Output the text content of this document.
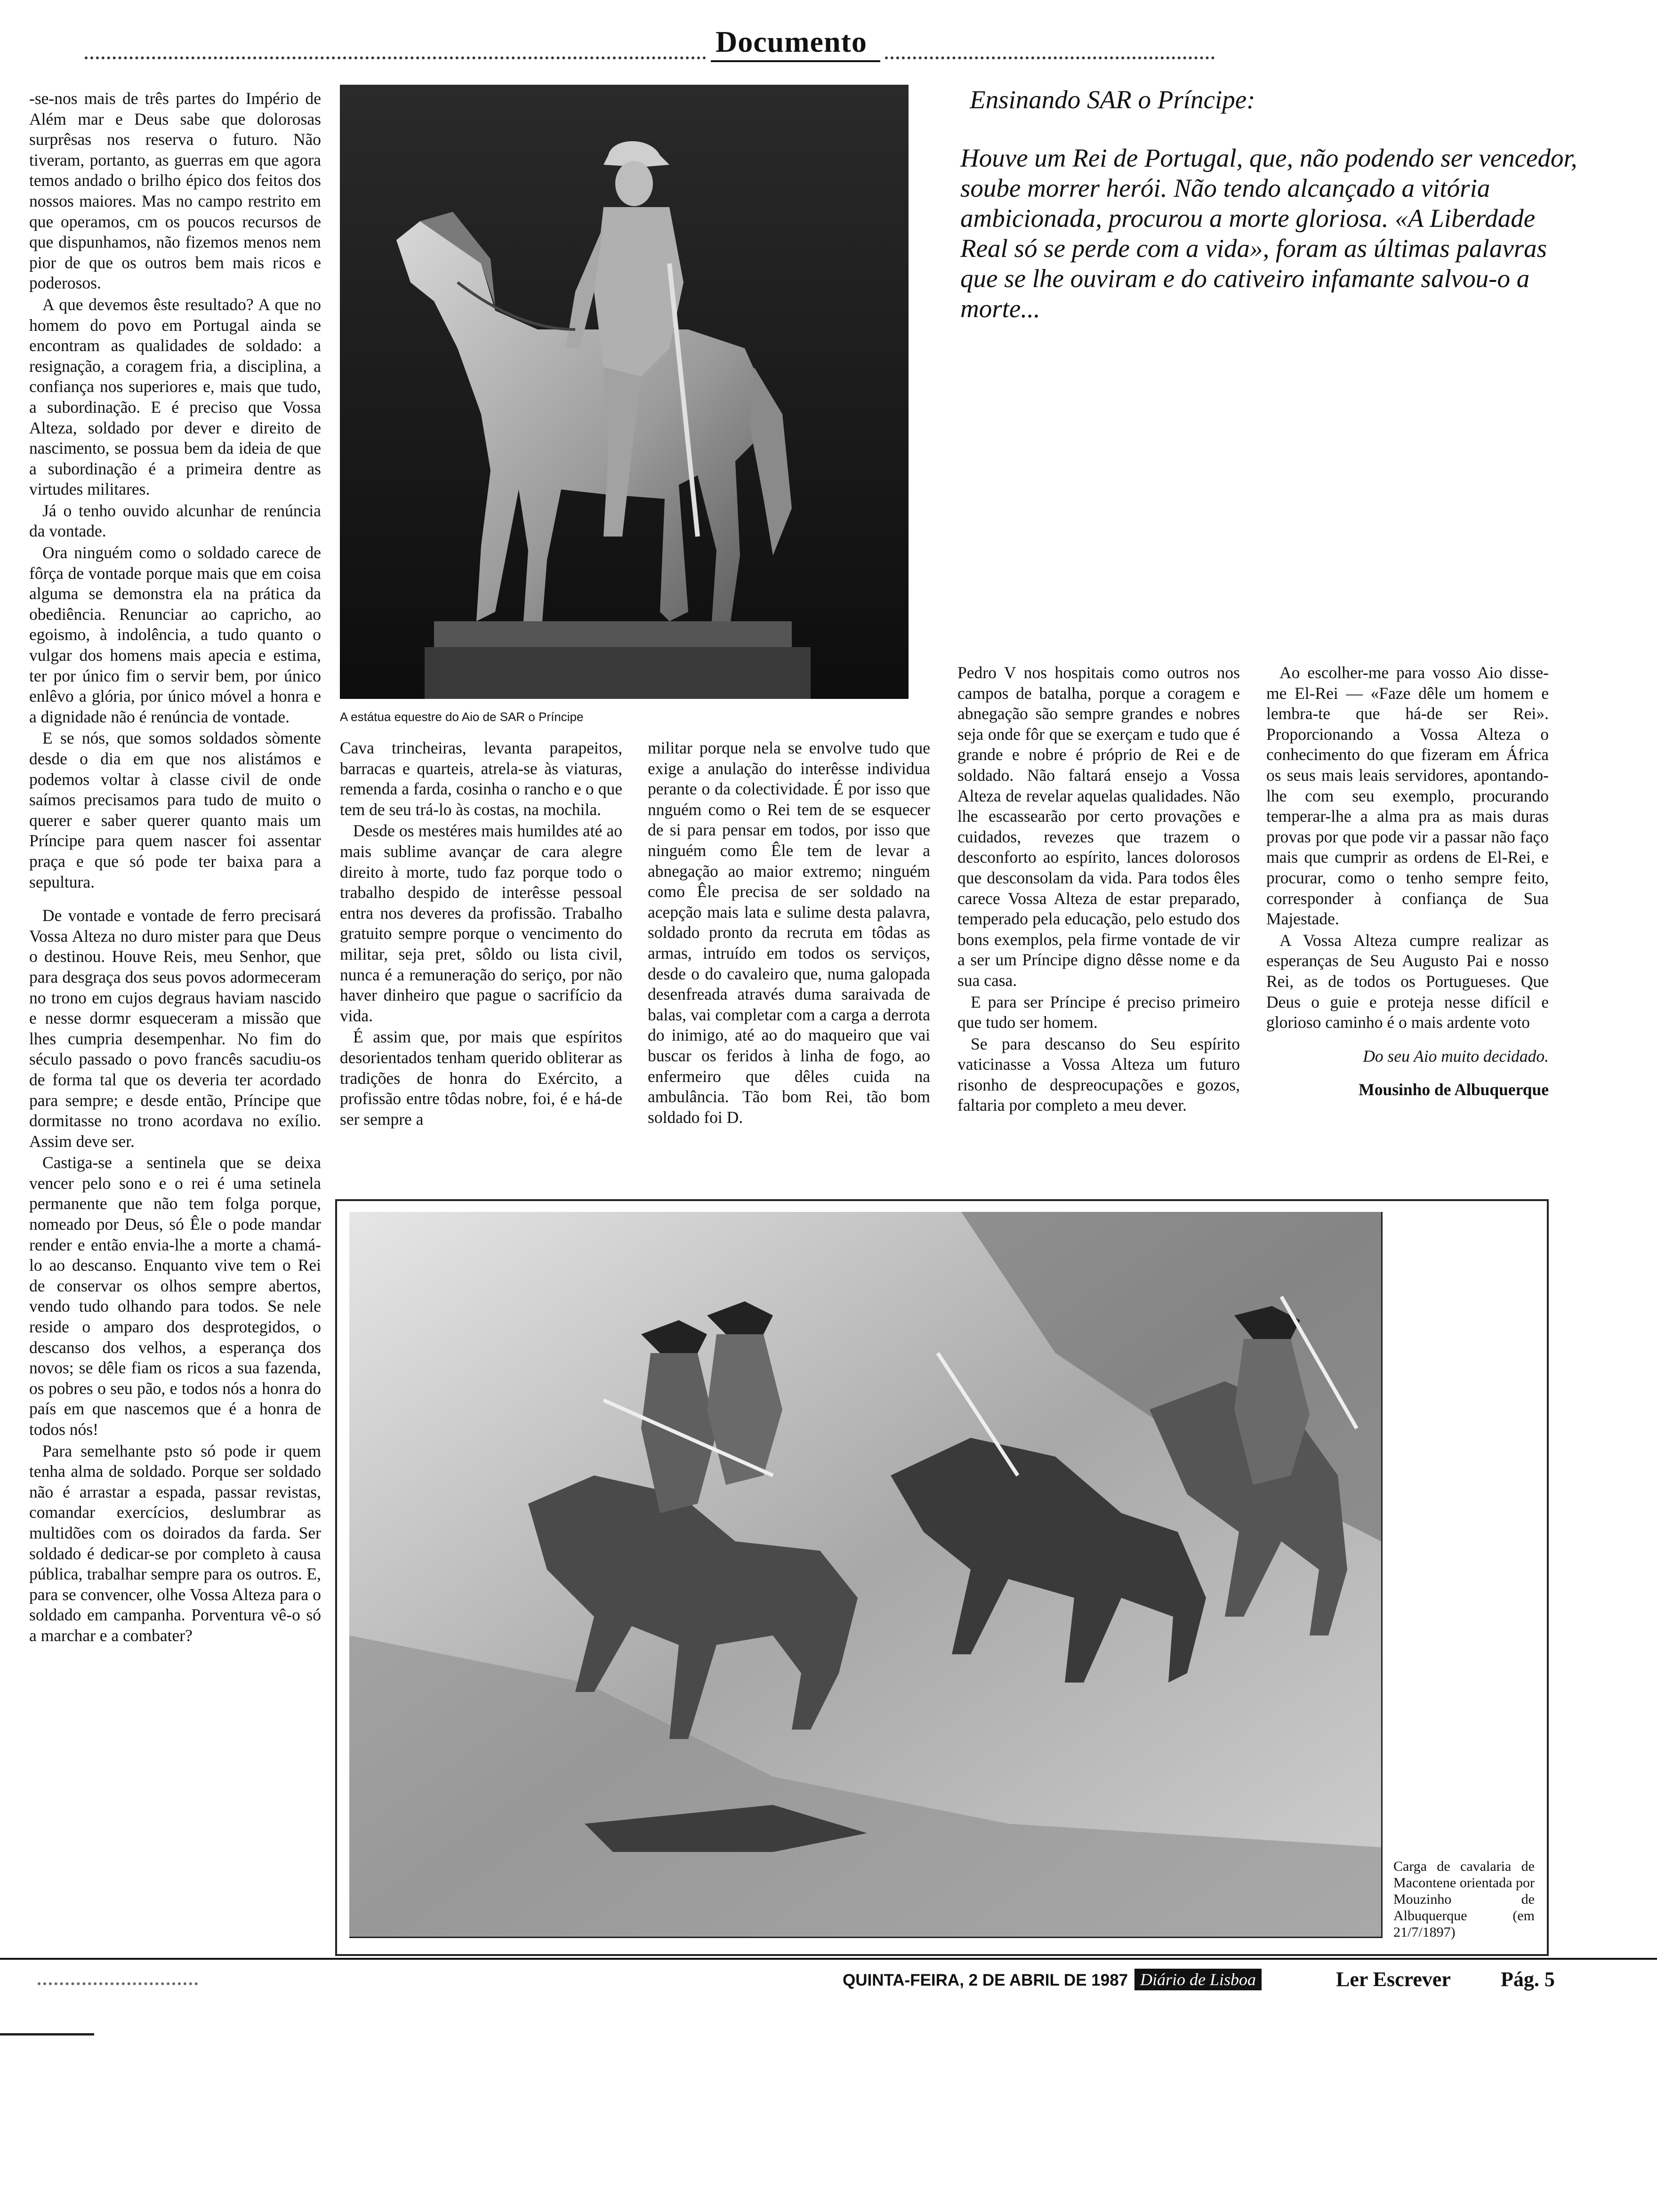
Documento

-se-nos mais de três partes do Império de Além mar e Deus sabe que dolorosas surprêsas nos reserva o futuro. Não tiveram, portanto, as guerras em que agora temos andado o brilho épico dos feitos dos nossos maiores. Mas no campo restrito em que operamos, cm os poucos recursos de que dispunhamos, não fizemos menos nem pior de que os outros bem mais ricos e poderosos.

A que devemos êste resultado? A que no homem do povo em Portugal ainda se encontram as qualidades de soldado: a resignação, a coragem fria, a disciplina, a confiança nos superiores e, mais que tudo, a subordinação. E é preciso que Vossa Alteza, soldado por dever e direito de nascimento, se possua bem da ideia de que a subordinação é a primeira dentre as virtudes militares.

Já o tenho ouvido alcunhar de renúncia da vontade.

Ora ninguém como o soldado carece de fôrça de vontade porque mais que em coisa alguma se demonstra ela na prática da obediência. Renunciar ao capricho, ao egoismo, à indolência, a tudo quanto o vulgar dos homens mais apecia e estima, ter por único fim o servir bem, por único enlêvo a glória, por único móvel a honra e a dignidade não é renúncia de vontade.

E se nós, que somos soldados sòmente desde o dia em que nos alistámos e podemos voltar à classe civil de onde saímos precisamos para tudo de muito o querer e saber querer quanto mais um Príncipe para quem nascer foi assentar praça e que só pode ter baixa para a sepultura.

De vontade e vontade de ferro precisará Vossa Alteza no duro mister para que Deus o destinou. Houve Reis, meu Senhor, que para desgraça dos seus povos adormeceram no trono em cujos degraus haviam nascido e nesse dormr esqueceram a missão que lhes cumpria desempenhar. No fim do século passado o povo francês sacudiu-os de forma tal que os deveria ter acordado para sempre; e desde então, Príncipe que dormitasse no trono acordava no exílio. Assim deve ser.

Castiga-se a sentinela que se deixa vencer pelo sono e o rei é uma setinela permanente que não tem folga porque, nomeado por Deus, só Êle o pode mandar render e então envia-lhe a morte a chamá-lo ao descanso. Enquanto vive tem o Rei de conservar os olhos sempre abertos, vendo tudo olhando para todos. Se nele reside o amparo dos desprotegidos, o descanso dos velhos, a esperança dos novos; se dêle fiam os ricos a sua fazenda, os pobres o seu pão, e todos nós a honra do país em que nascemos que é a honra de todos nós!

Para semelhante psto só pode ir quem tenha alma de soldado. Porque ser soldado não é arrastar a espada, passar revistas, comandar exercícios, deslumbrar as multidões com os doirados da farda. Ser soldado é dedicar-se por completo à causa pública, trabalhar sempre para os outros. E, para se convencer, olhe Vossa Alteza para o soldado em campanha. Porventura vê-o só a marchar e a combater?

A estátua equestre do Aio de SAR o Príncipe
Ensinando SAR o Príncipe:
Houve um Rei de Portugal, que, não podendo ser vencedor, soube morrer herói. Não tendo alcançado a vitória ambicionada, procurou a morte gloriosa. «A Liberdade Real só se perde com a vida», foram as últimas palavras que se lhe ouviram e do cativeiro infamante salvou-o a morte...

Cava trincheiras, levanta parapeitos, barracas e quarteis, atrela-se às viaturas, remenda a farda, cosinha o rancho e o que tem de seu trá-lo às costas, na mochila.

Desde os mestéres mais humildes até ao mais sublime avançar de cara alegre direito à morte, tudo faz porque todo o trabalho despido de interêsse pessoal entra nos deveres da profissão. Trabalho gratuito sempre porque o vencimento do militar, seja pret, sôldo ou lista civil, nunca é a remuneração do seriço, por não haver dinheiro que pague o sacrifício da vida.

É assim que, por mais que espíritos desorientados tenham querido obliterar as tradições de honra do Exército, a profissão entre tôdas nobre, foi, é e há-de ser sempre a

militar porque nela se envolve tudo que exige a anulação do interêsse individua perante o da colectividade. É por isso que nnguém como o Rei tem de se esquecer de si para pensar em todos, por isso que ninguém como Êle tem de levar a abnegação ao maior extremo; ninguém como Êle precisa de ser soldado na acepção mais lata e sulime desta palavra, soldado pronto da recruta em tôdas as armas, intruído em todos os serviços, desde o do cavaleiro que, numa galopada desenfreada através duma saraivada de balas, vai completar com a carga a derrota do inimigo, até ao do maqueiro que vai buscar os feridos à linha de fogo, ao enfermeiro que dêles cuida na ambulância. Tão bom Rei, tão bom soldado foi D.

Pedro V nos hospitais como outros nos campos de batalha, porque a coragem e abnegação são sempre grandes e nobres seja onde fôr que se exerçam e tudo que é grande e nobre é próprio de Rei e de soldado. Não faltará ensejo a Vossa Alteza de revelar aquelas qualidades. Não lhe escassearão por certo provações e cuidados, revezes que trazem o desconforto ao espírito, lances dolorosos que desconsolam da vida. Para todos êles carece Vossa Alteza de estar preparado, temperado pela educação, pelo estudo dos bons exemplos, pela firme vontade de vir a ser um Príncipe digno dêsse nome e da sua casa.

E para ser Príncipe é preciso primeiro que tudo ser homem.

Se para descanso do Seu espírito vaticinasse a Vossa Alteza um futuro risonho de despreocupações e gozos, faltaria por completo a meu dever.

Ao escolher-me para vosso Aio disse-me El-Rei — «Faze dêle um homem e lembra-te que há-de ser Rei». Proporcionando a Vossa Alteza o conhecimento do que fizeram em África os seus mais leais servidores, apontando-lhe com seu exemplo, procurando temperar-lhe a alma pra as mais duras provas por que pode vir a passar não faço mais que cumprir as ordens de El-Rei, e procurar, como o tenho sempre feito, corresponder à confiança de Sua Majestade.

A Vossa Alteza cumpre realizar as esperanças de Seu Augusto Pai e nosso Rei, as de todos os Portugueses. Que Deus o guie e proteja nesse difícil e glorioso caminho é o mais ardente voto

Do seu Aio muito decidado.

Mousinho de Albuquerque

Carga de cavalaria de Macontene orientada por Mouzinho de Albuquerque (em 21/7/1897)
QUINTA-FEIRA, 2 DE ABRIL DE 1987 Diário de Lisboa	Ler Escrever Pág. 5
